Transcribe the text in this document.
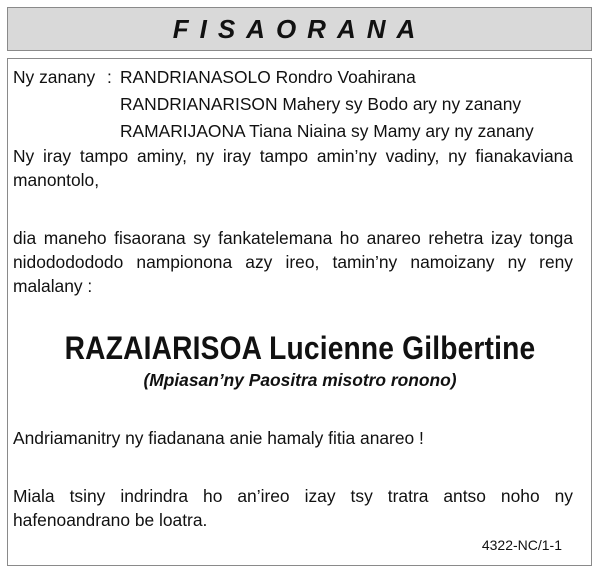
FISAORANA
Ny zanany : RANDRIANASOLO Rondro Voahirana
RANDRIANARISON Mahery sy Bodo ary ny zanany
RAMARIJAONA Tiana Niaina sy Mamy ary ny zanany
Ny iray tampo aminy, ny iray tampo amin’ny vadiny, ny fianakaviana manontolo,
dia maneho fisaorana sy fankatelemana ho anareo rehetra izay tonga nidododododo nampionona azy ireo, tamin’ny namoizany ny reny malalany :
RAZAIARISOA Lucienne Gilbertine
(Mpiasan’ny Paositra misotro ronono)
Andriamanitry ny fiadanana anie hamaly fitia anareo !
Miala tsiny indrindra ho an’ireo izay tsy tratra antso noho ny hafenoandrano be loatra.
4322-NC/1-1
